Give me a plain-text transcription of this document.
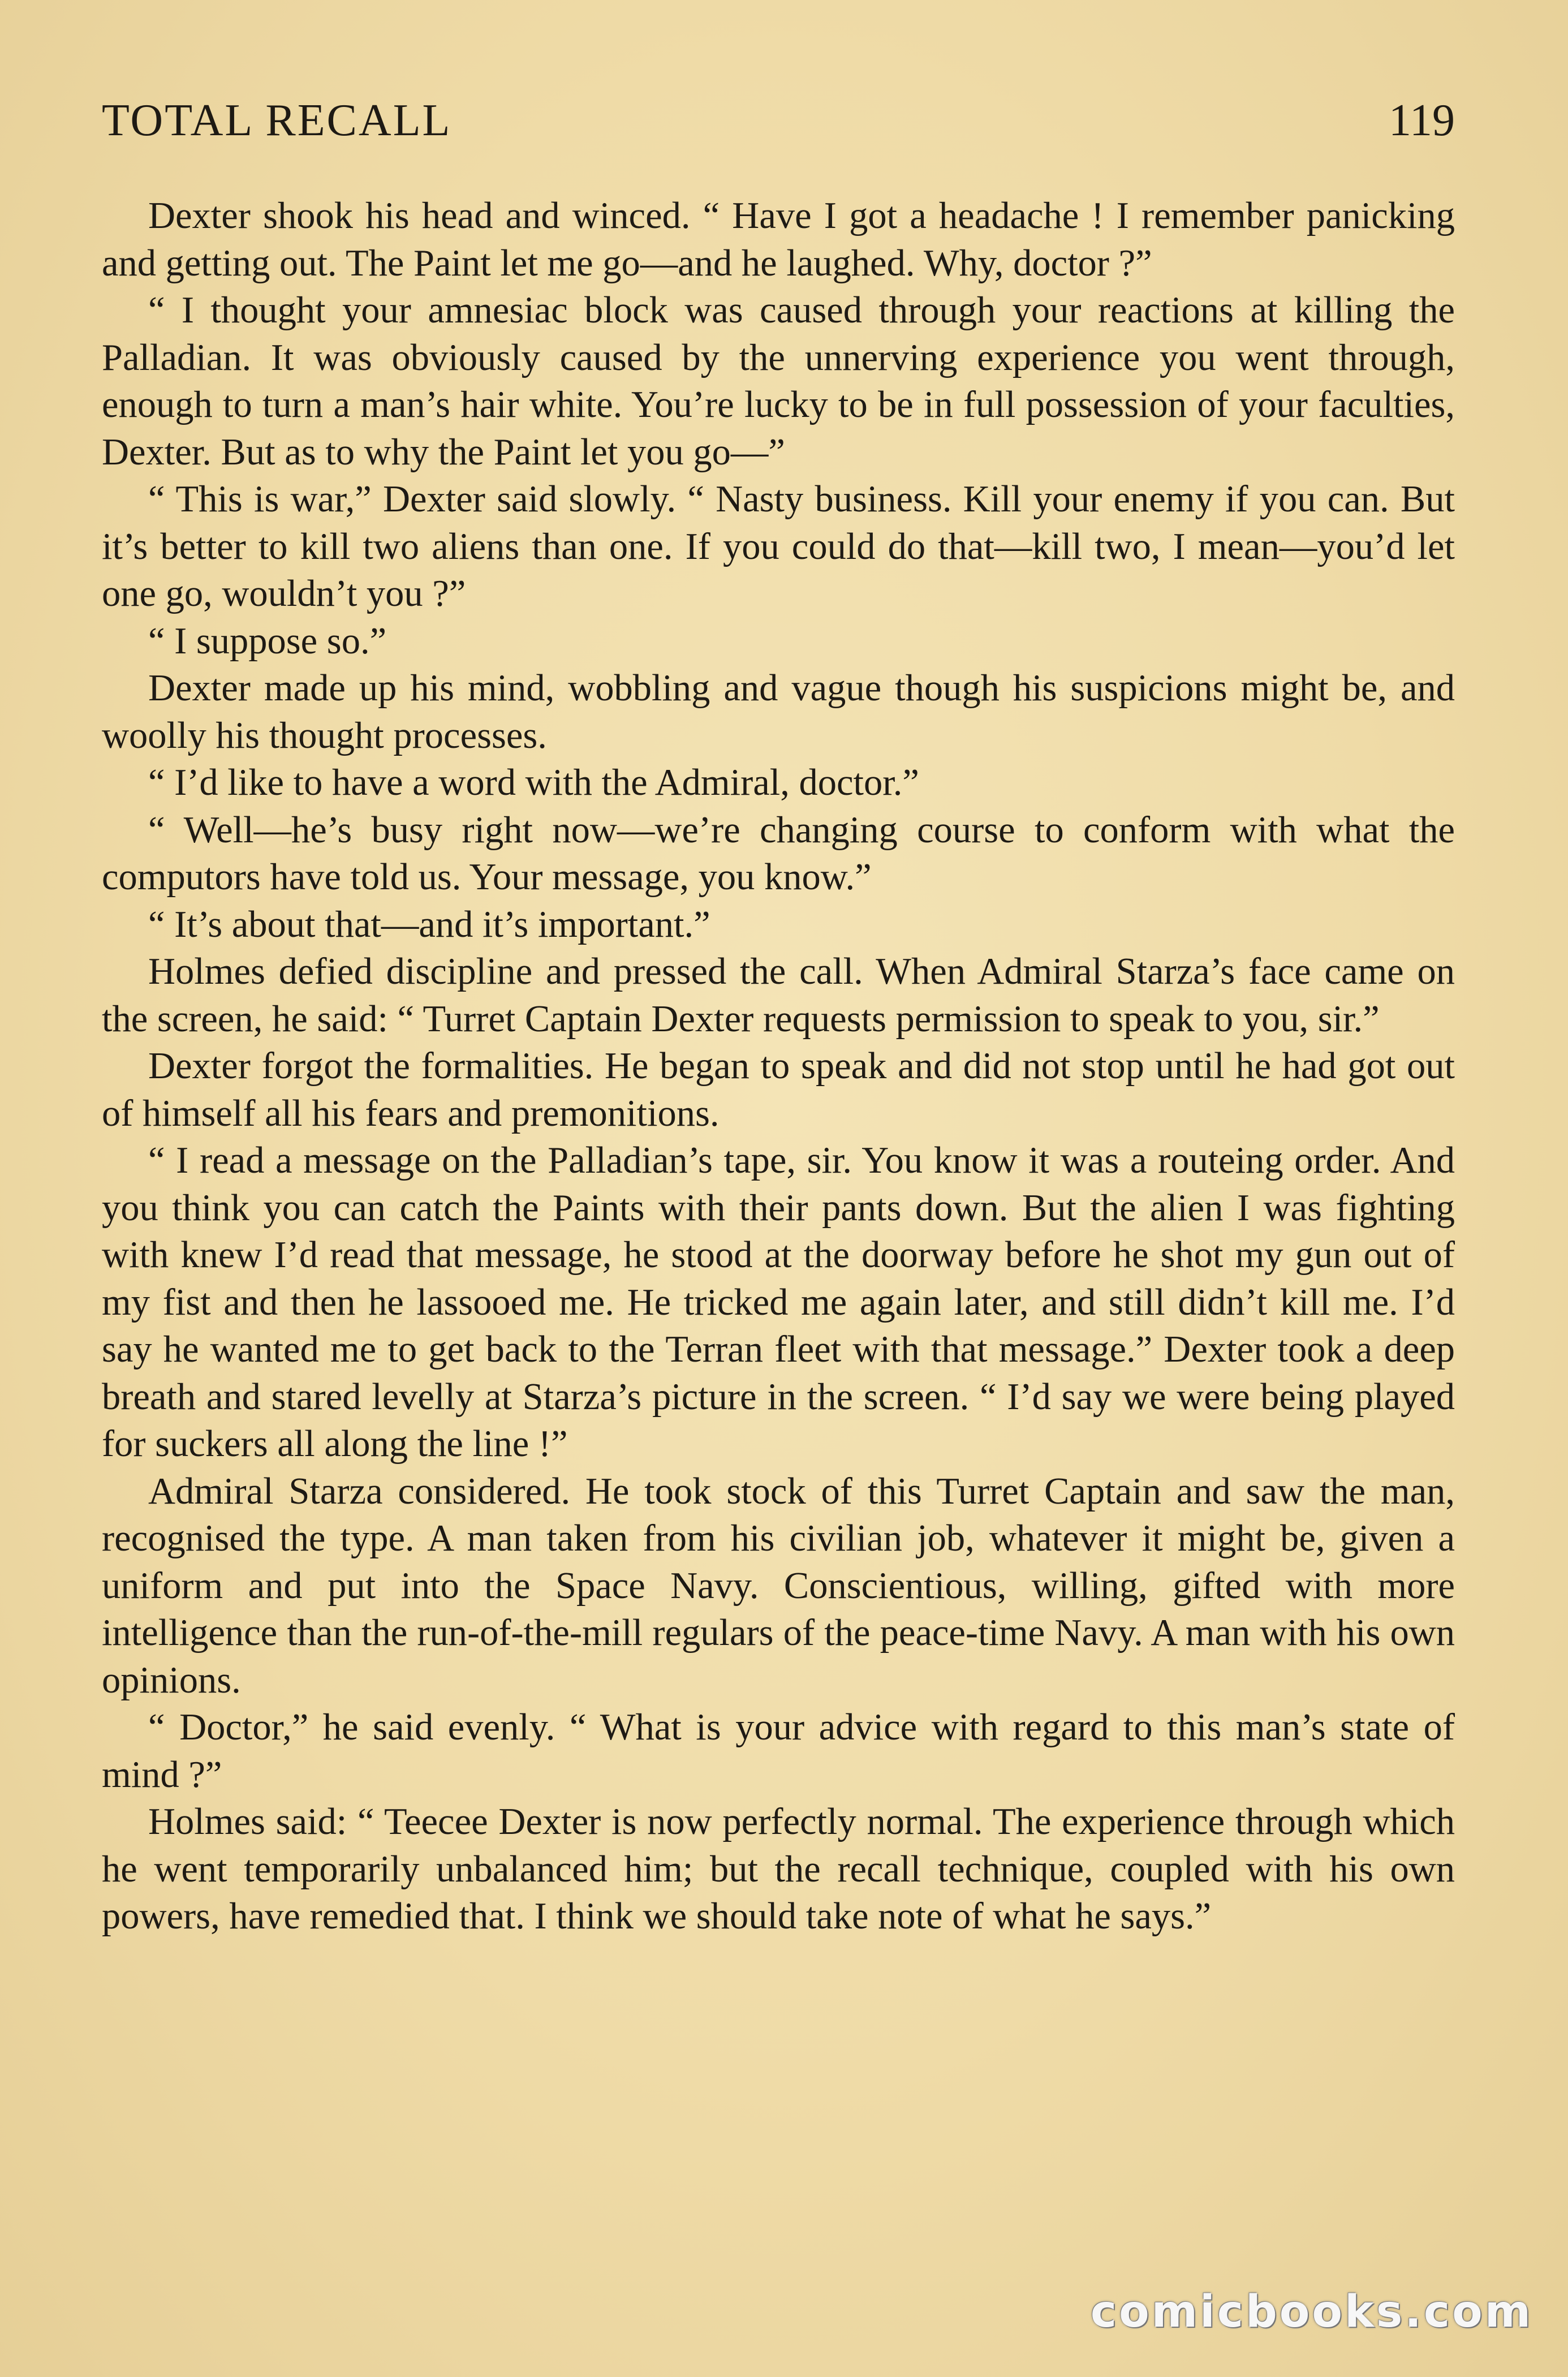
TOTAL RECALL	119

Dexter shook his head and winced. “ Have I got a headache ! I remember panicking and getting out. The Paint let me go—and he laughed. Why, doctor ?”

“ I thought your amnesiac block was caused through your reactions at killing the Palladian. It was obviously caused by the unnerving experience you went through, enough to turn a man’s hair white. You’re lucky to be in full possession of your faculties, Dexter. But as to why the Paint let you go—”

“ This is war,” Dexter said slowly. “ Nasty business. Kill your enemy if you can. But it’s better to kill two aliens than one. If you could do that—kill two, I mean—you’d let one go, wouldn’t you ?”

“ I suppose so.”

Dexter made up his mind, wobbling and vague though his suspicions might be, and woolly his thought processes.

“ I’d like to have a word with the Admiral, doctor.”

“ Well—he’s busy right now—we’re changing course to conform with what the computors have told us. Your message, you know.”

“ It’s about that—and it’s important.”

Holmes defied discipline and pressed the call. When Admiral Starza’s face came on the screen, he said: “ Turret Captain Dexter requests permission to speak to you, sir.”

Dexter forgot the formalities. He began to speak and did not stop until he had got out of himself all his fears and premonitions.

“ I read a message on the Palladian’s tape, sir. You know it was a routeing order. And you think you can catch the Paints with their pants down. But the alien I was fighting with knew I’d read that message, he stood at the doorway before he shot my gun out of my fist and then he lassooed me. He tricked me again later, and still didn’t kill me. I’d say he wanted me to get back to the Terran fleet with that message.” Dexter took a deep breath and stared levelly at Starza’s picture in the screen. “ I’d say we were being played for suckers all along the line !”

Admiral Starza considered. He took stock of this Turret Captain and saw the man, recognised the type. A man taken from his civilian job, whatever it might be, given a uniform and put into the Space Navy. Conscientious, willing, gifted with more intelligence than the run-of-the-mill regulars of the peace-time Navy. A man with his own opinions.

“ Doctor,” he said evenly. “ What is your advice with regard to this man’s state of mind ?”

Holmes said: “ Teecee Dexter is now perfectly normal. The experience through which he went temporarily unbalanced him; but the recall technique, coupled with his own powers, have remedied that. I think we should take note of what he says.”

comicbooks.com
